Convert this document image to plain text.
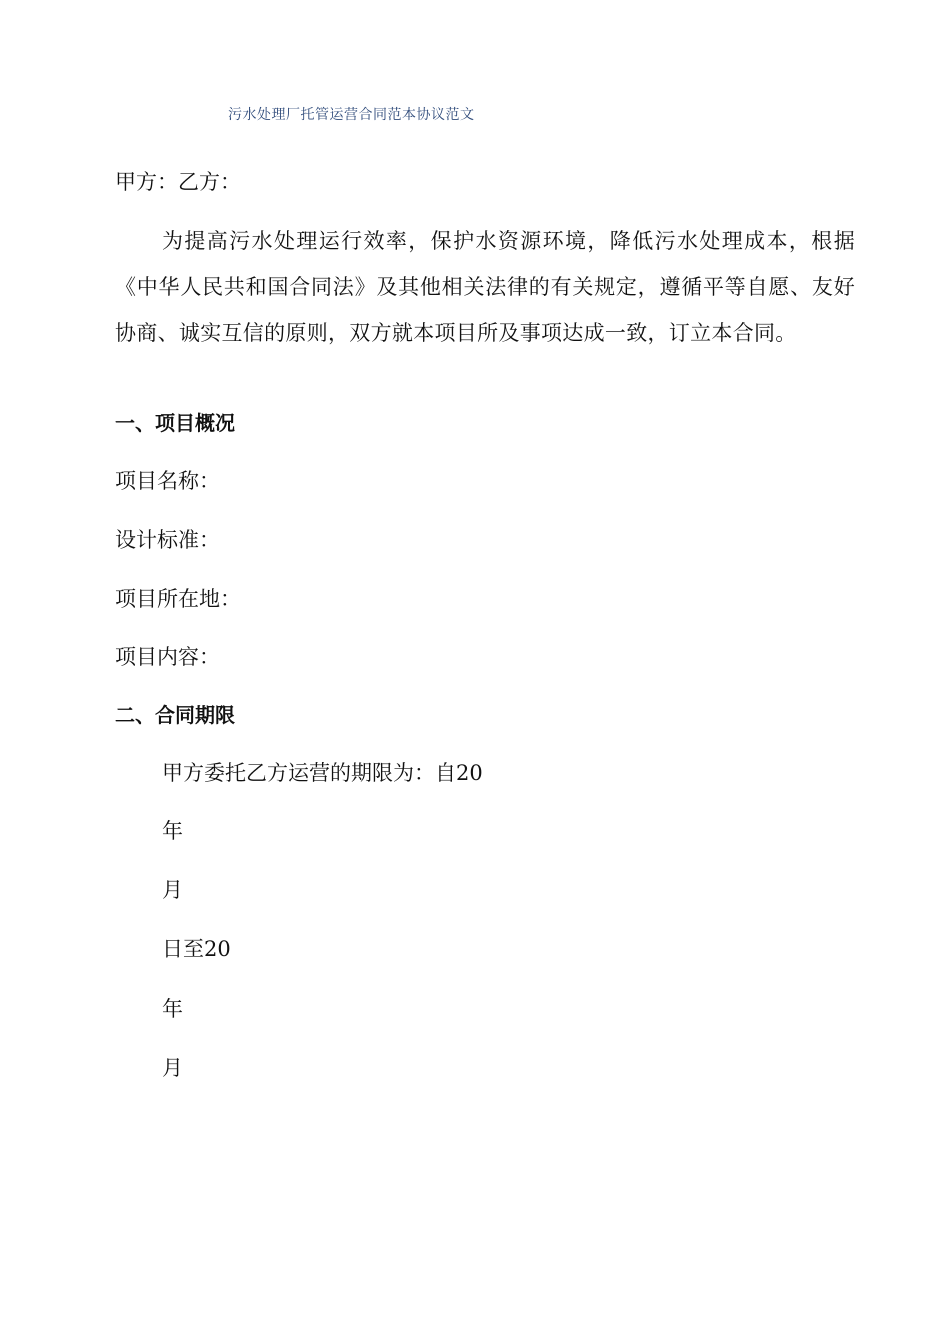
污水处理厂托管运营合同范本协议范文
甲方：乙方：
为提高污水处理运行效率，保护水资源环境，降低污水处理成本，根据《中华人民共和国合同法》及其他相关法律的有关规定，遵循平等自愿、友好协商、诚实互信的原则，双方就本项目所及事项达成一致，订立本合同。
一、项目概况
项目名称：
设计标准：
项目所在地：
项目内容：
二、合同期限
甲方委托乙方运营的期限为：自20
年
月
日至20
年
月
